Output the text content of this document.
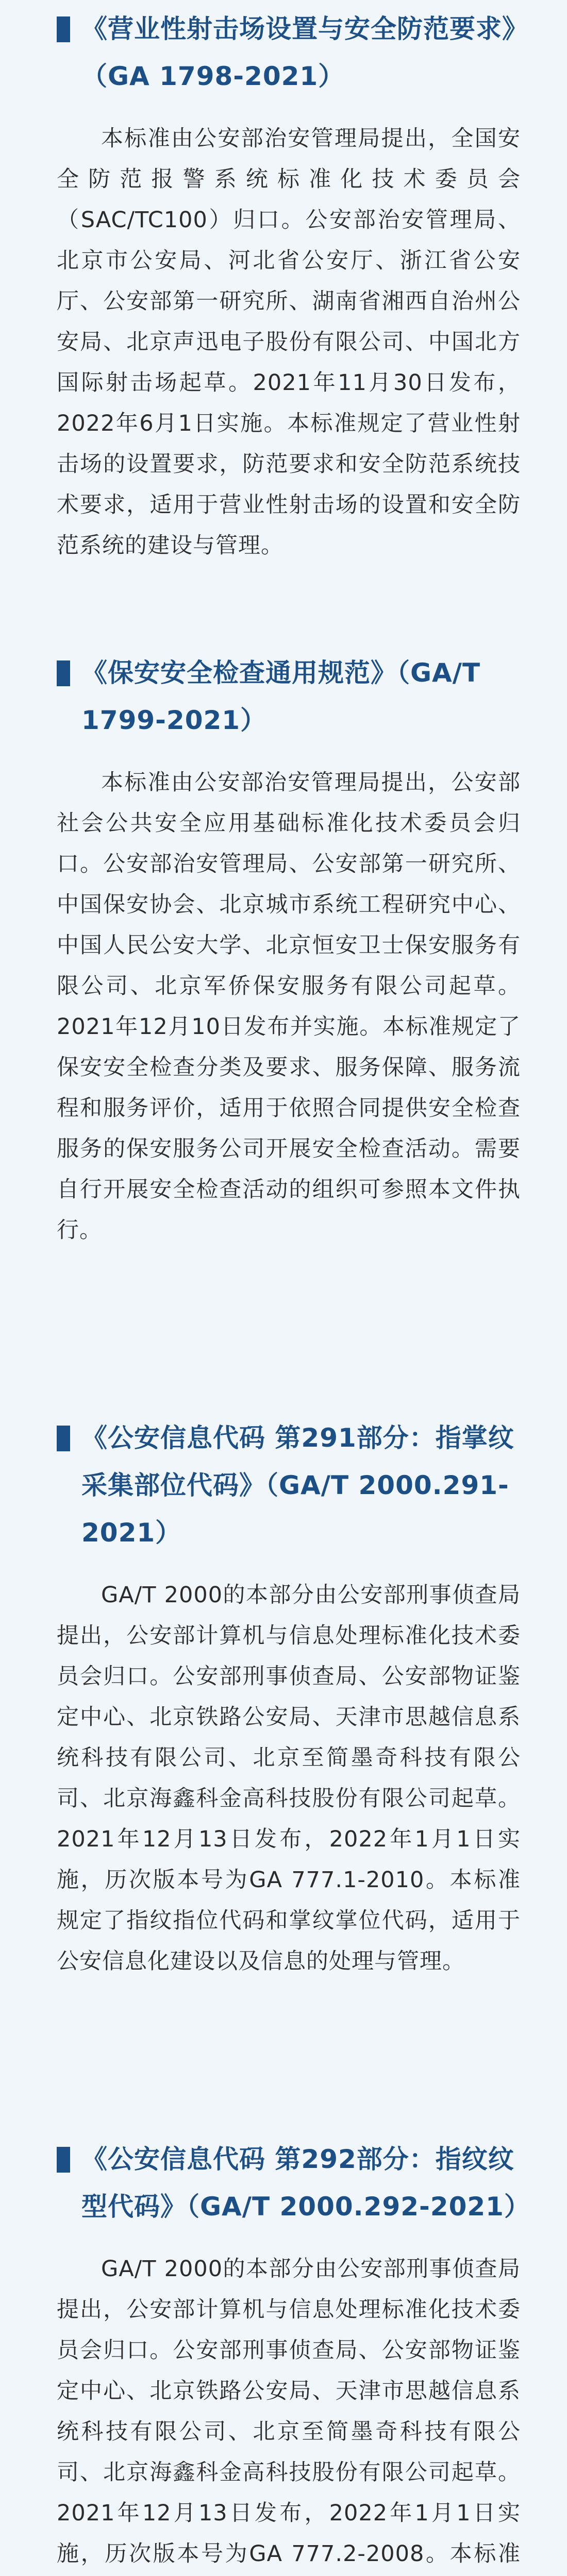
《营业性射击场设置与安全防范要求》（GA 1798-2021）

本标准由公安部治安管理局提出，全国安全防范报警系统标准化技术委员会（SAC/TC100）归口。公安部治安管理局、北京市公安局、河北省公安厅、浙江省公安厅、公安部第一研究所、湖南省湘西自治州公安局、北京声迅电子股份有限公司、中国北方国际射击场起草。2021年11月30日发布，2022年6月1日实施。本标准规定了营业性射击场的设置要求，防范要求和安全防范系统技术要求，适用于营业性射击场的设置和安全防范系统的建设与管理。

《保安安全检查通用规范》（GA/T 1799-2021）

本标准由公安部治安管理局提出，公安部社会公共安全应用基础标准化技术委员会归口。公安部治安管理局、公安部第一研究所、中国保安协会、北京城市系统工程研究中心、中国人民公安大学、北京恒安卫士保安服务有限公司、北京军侨保安服务有限公司起草。2021年12月10日发布并实施。本标准规定了保安安全检查分类及要求、服务保障、服务流程和服务评价，适用于依照合同提供安全检查服务的保安服务公司开展安全检查活动。需要自行开展安全检查活动的组织可参照本文件执行。

《公安信息代码 第291部分：指掌纹采集部位代码》（GA/T 2000.291-2021）

GA/T 2000的本部分由公安部刑事侦查局提出，公安部计算机与信息处理标准化技术委员会归口。公安部刑事侦查局、公安部物证鉴定中心、北京铁路公安局、天津市思越信息系统科技有限公司、北京至简墨奇科技有限公司、北京海鑫科金高科技股份有限公司起草。2021年12月13日发布，2022年1月1日实施，历次版本号为GA 777.1-2010。本标准规定了指纹指位代码和掌纹掌位代码，适用于公安信息化建设以及信息的处理与管理。

《公安信息代码 第292部分：指纹纹型代码》（GA/T 2000.292-2021）

GA/T 2000的本部分由公安部刑事侦查局提出，公安部计算机与信息处理标准化技术委员会归口。公安部刑事侦查局、公安部物证鉴定中心、北京铁路公安局、天津市思越信息系统科技有限公司、北京至简墨奇科技有限公司、北京海鑫科金高科技股份有限公司起草。2021年12月13日发布，2022年1月1日实施，历次版本号为GA 777.2-2008。本标准
